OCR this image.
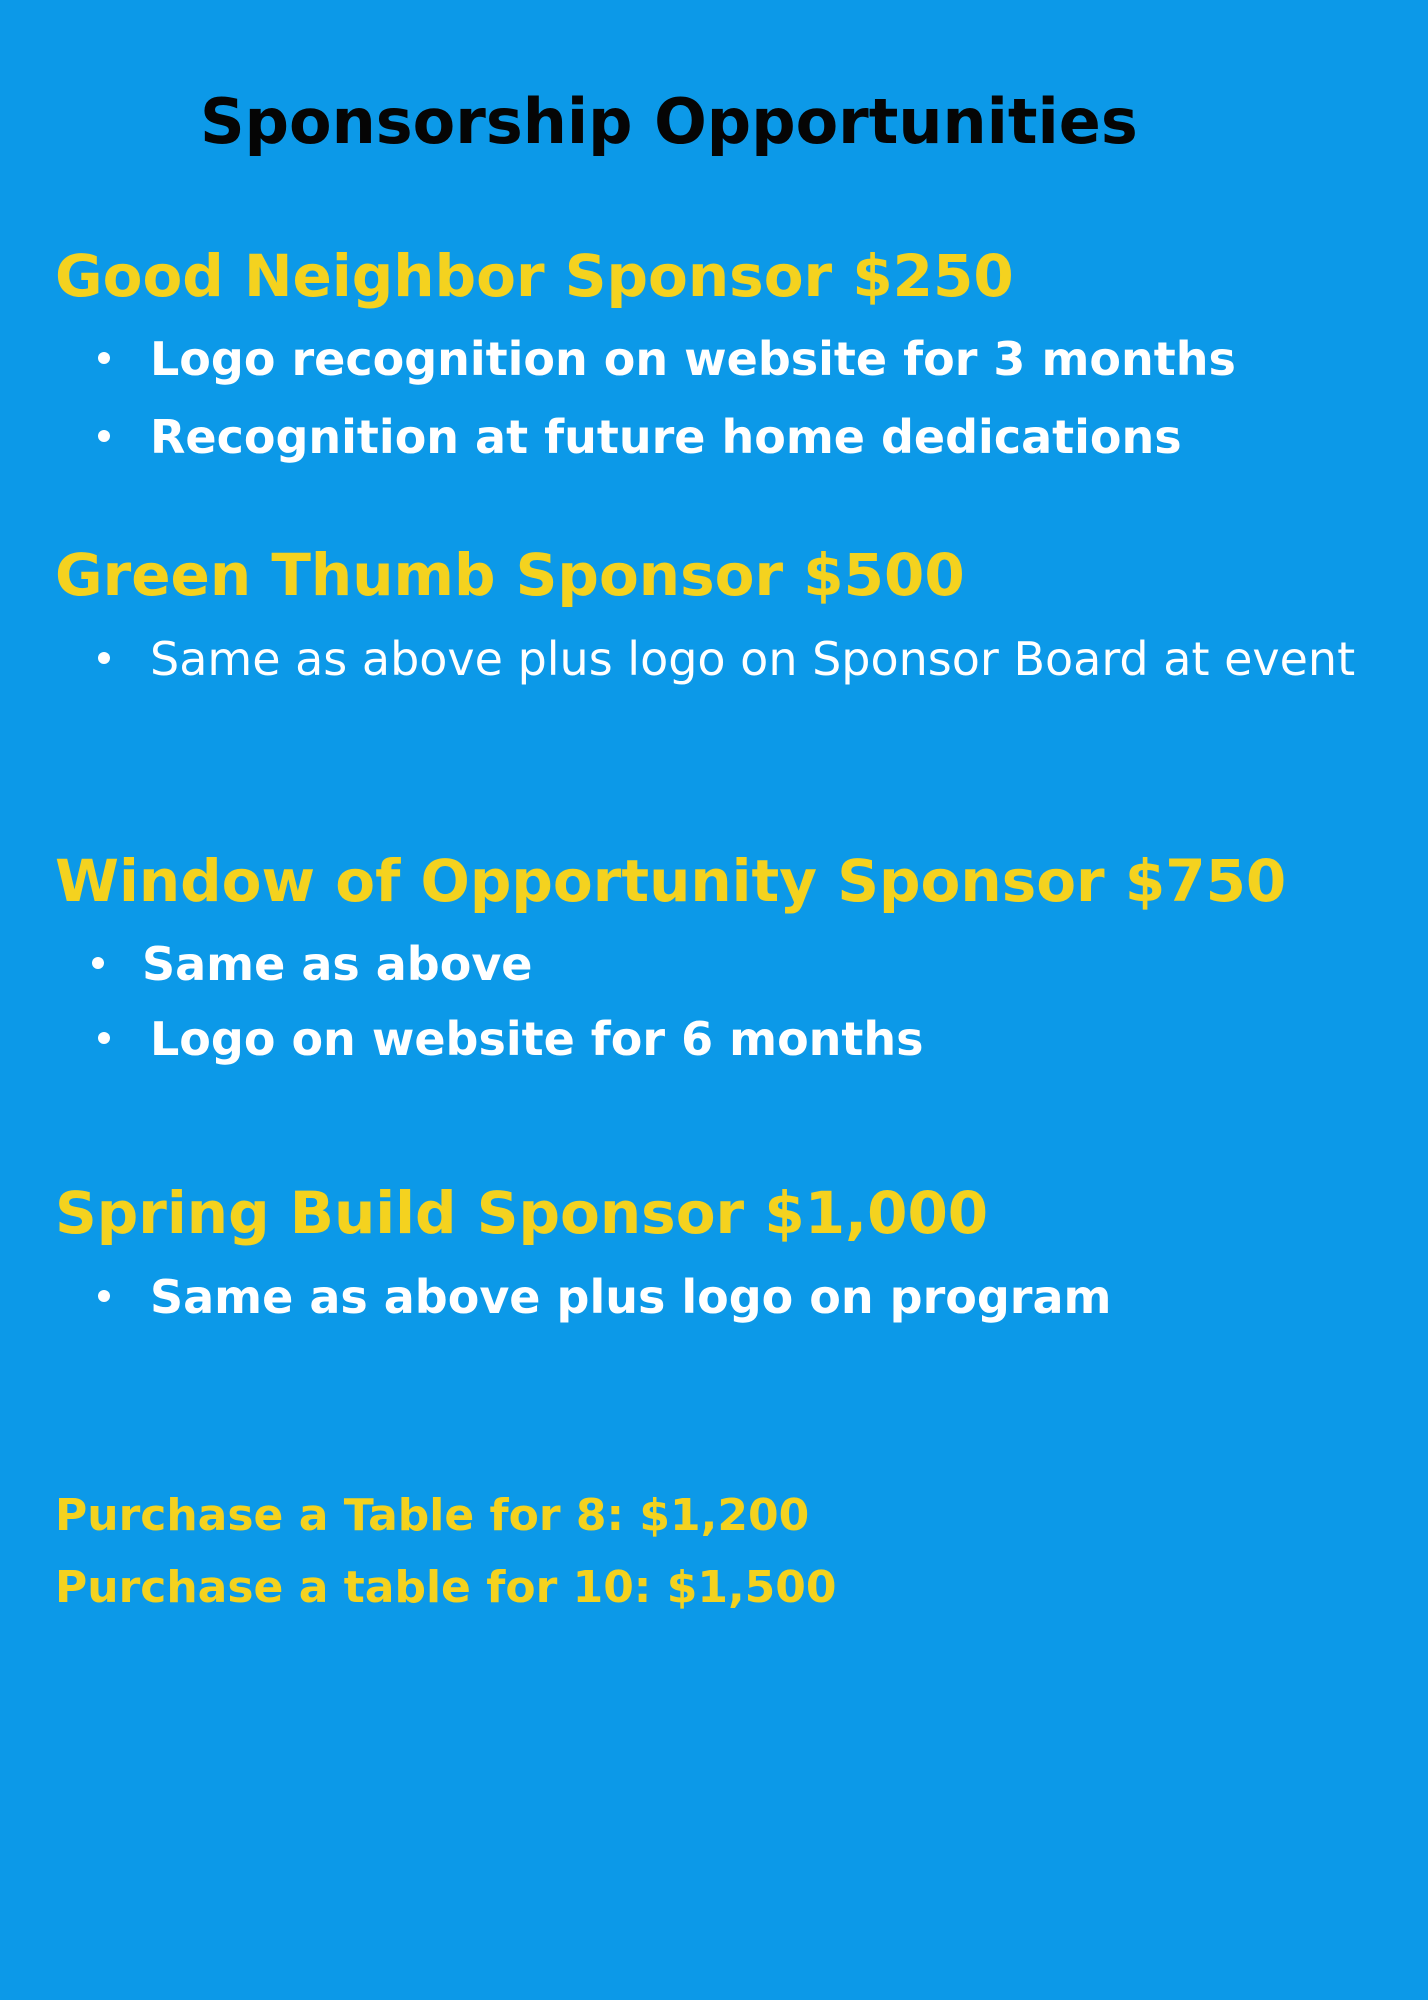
Sponsorship Opportunities
Good Neighbor Sponsor $250
Logo recognition on website for 3 months
Recognition at future home dedications
Green Thumb Sponsor $500
Same as above plus logo on Sponsor Board at event
Window of Opportunity Sponsor $750
Same as above
Logo on website for 6 months
Spring Build Sponsor $1,000
Same as above plus logo on program

Purchase a Table for 8: $1,200

Purchase a table for 10: $1,500
